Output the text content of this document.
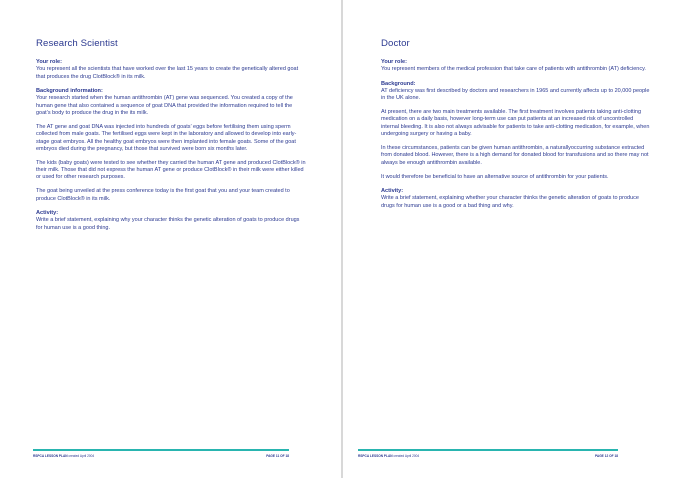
Research Scientist

Your role:

You represent all the scientists that have worked over the last 15 years to create the genetically altered goat that produces the drug ClotBlock® in its milk.

Background information:

Your research started when the human antithrombin (AT) gene was sequenced. You created a copy of the human gene that also contained a sequence of goat DNA that provided the information required to tell the goat’s body to produce the drug in the its milk.

The AT gene and goat DNA was injected into hundreds of goats’ eggs before fertilising them using sperm collected from male goats. The fertilised eggs were kept in the laboratory and allowed to develop into early-stage goat embryos. All the healthy goat embryos were then implanted into female goats. Some of the goat embryos died during the pregnancy, but those that survived were born six months later.

The kids (baby goats) were tested to see whether they carried the human AT gene and produced ClotBlock® in their milk. Those that did not express the human AT gene or produce ClotBlock® in their milk were either killed or used for other research purposes.

The goat being unveiled at the press conference today is the first goat that you and your team created to produce ClotBlock® in its milk.

Activity:

Write a brief statement, explaining why your character thinks the genetic alteration of goats to produce drugs for human use is a good thing.

RSPCA LESSON PLAN created April 2004	PAGE 11 OF 18
Doctor

Your role:

You represent members of the medical profession that take care of patients with antithrombin (AT) deficiency.

Background:

AT deficiency was first described by doctors and researchers in 1965 and currently affects up to 20,000 people in the UK alone.

At present, there are two main treatments available. The first treatment involves patients taking anti-clotting medication on a daily basis, however long-term use can put patients at an increased risk of uncontrolled internal bleeding. It is also not always advisable for patients to take anti-clotting medication, for example, when undergoing surgery or having a baby.

In these circumstances, patients can be given human antithrombin, a naturallyoccurring substance extracted from donated blood. However, there is a high demand for donated blood for transfusions and so there may not always be enough antithrombin available.

It would therefore be beneficial to have an alternative source of antithrombin for your patients.

Activity:

Write a brief statement, explaining whether your character thinks the genetic alteration of goats to produce drugs for human use is a good or a bad thing and why.

RSPCA LESSON PLAN created April 2004	PAGE 12 OF 18
